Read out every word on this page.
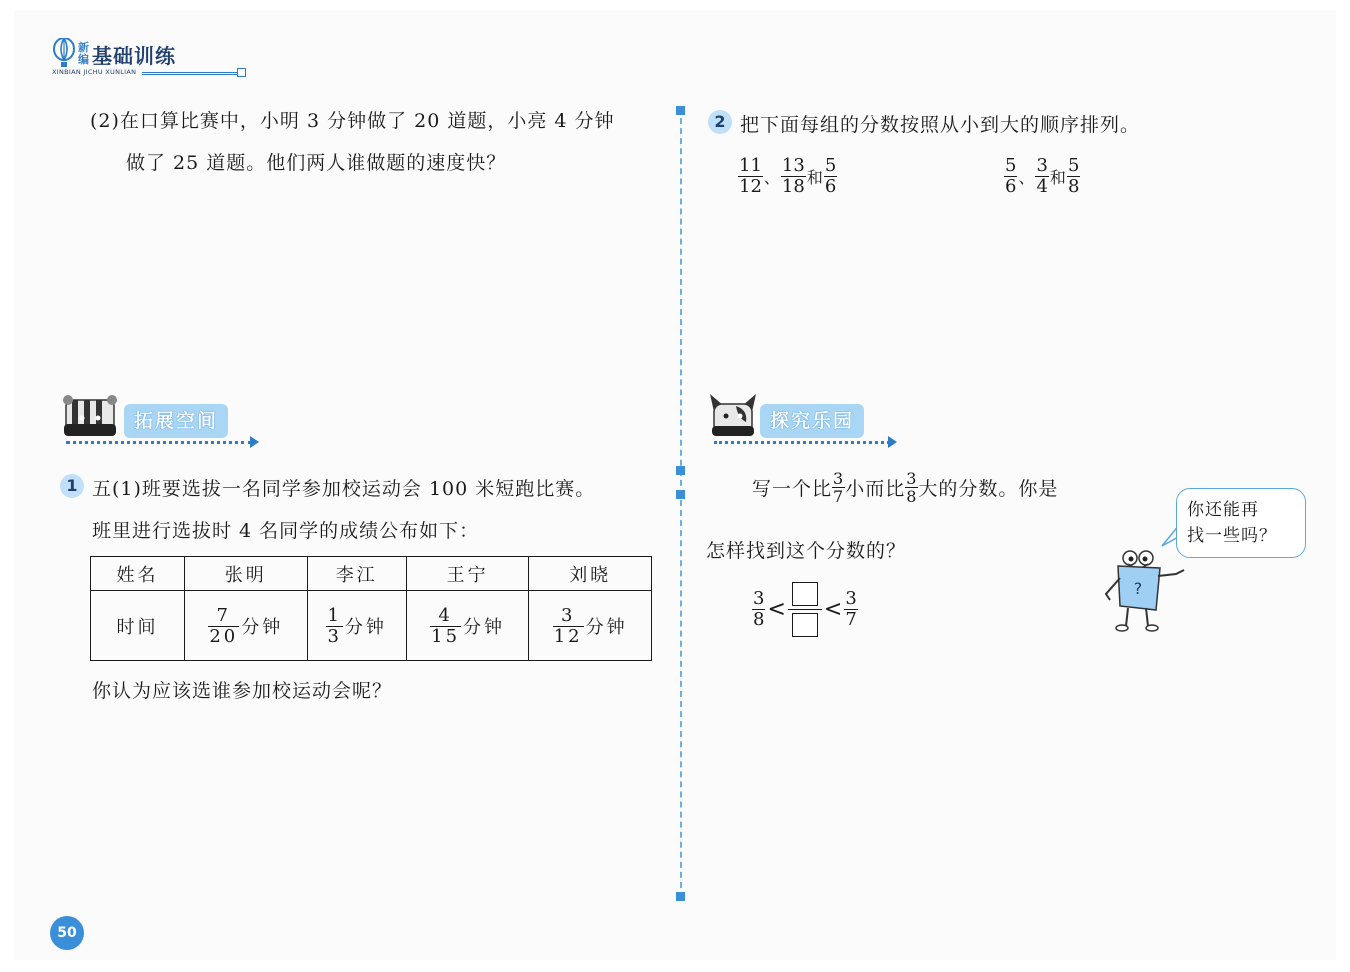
新编 基础训练
XINBIAN JICHU XUNLIAN
(2)在口算比赛中，小明 3 分钟做了 20 道题，小亮 4 分钟
做了 25 道题。他们两人谁做题的速度快？
拓展空间
1 五(1)班要选拔一名同学参加校运动会 100 米短跑比赛。
班里进行选拔时 4 名同学的成绩公布如下：
姓名	张明	李江	王宁	刘晓
时间	$\frac{7}{20}$ 分钟	$\frac{1}{3}$ 分钟	$\frac{4}{15}$ 分钟	$\frac{3}{12}$ 分钟
你认为应该选谁参加校运动会呢？
2 把下面每组的分数按照从小到大的顺序排列。
$\frac{11}{12}$ 、 $\frac{13}{18}$ 和 $\frac{5}{6}$	$\frac{5}{6}$ 、 $\frac{3}{4}$ 和 $\frac{5}{8}$
探究乐园
写一个比 $\frac{3}{7}$ 小而比 $\frac{3}{8}$ 大的分数。你是
怎样找到这个分数的？
$\frac{3}{8}$ < < $\frac{3}{7}$
你还能再
找一些吗？
?
50
